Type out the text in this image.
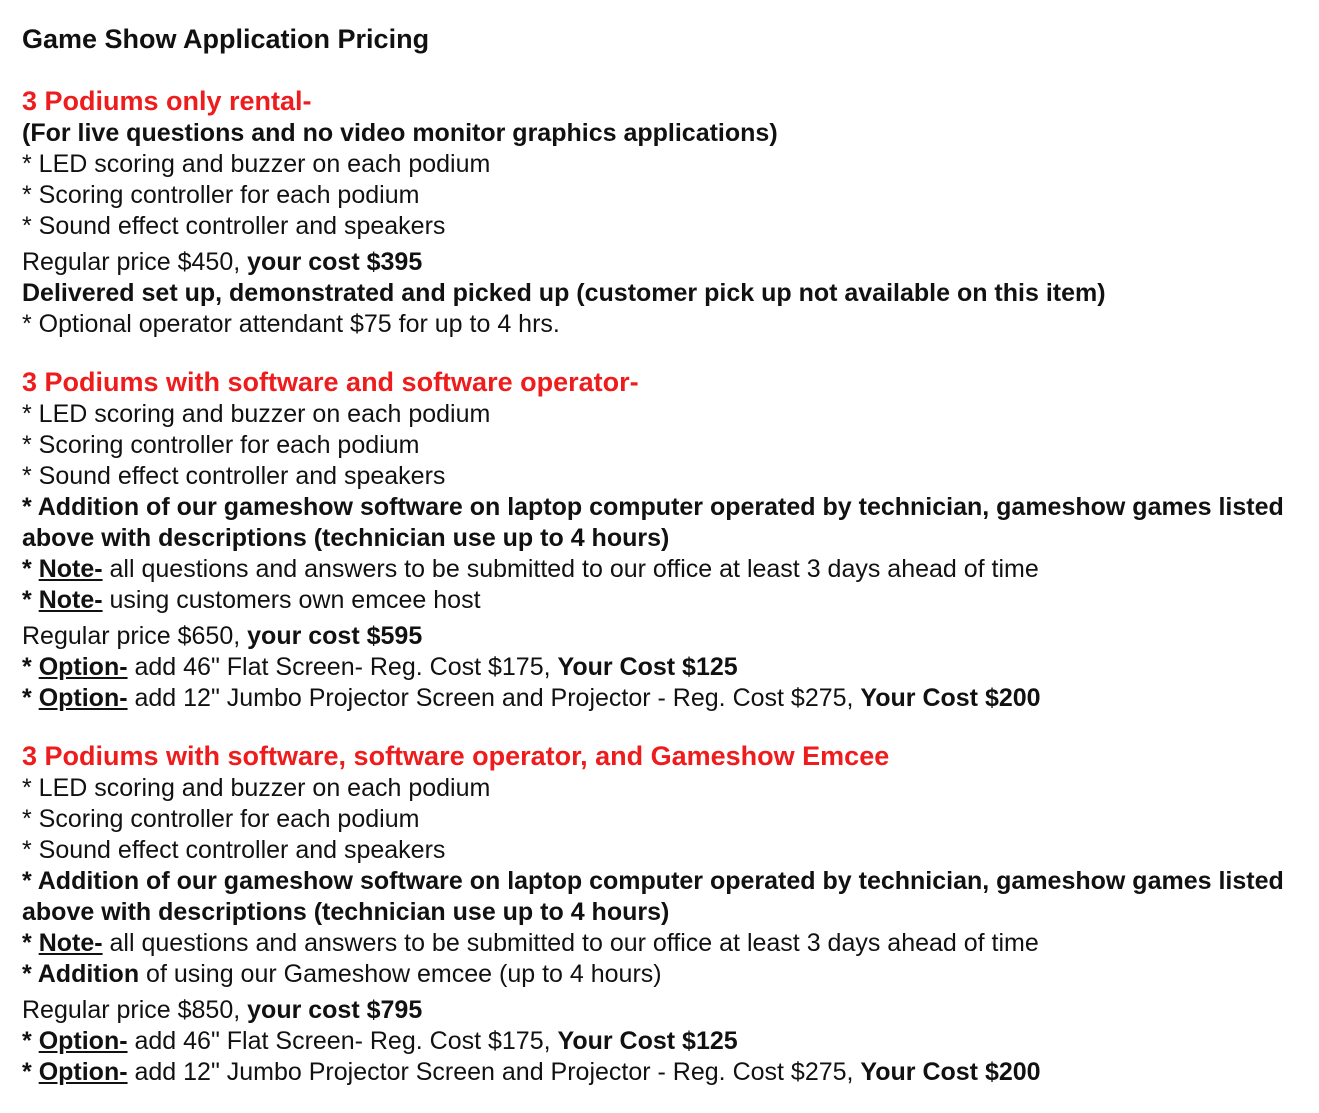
Game Show Application Pricing
3 Podiums only rental-
(For live questions and no video monitor graphics applications)
* LED scoring and buzzer on each podium
* Scoring controller for each podium
* Sound effect controller and speakers
Regular price $450, your cost $395
Delivered set up, demonstrated and picked up (customer pick up not available on this item)
* Optional operator attendant $75 for up to 4 hrs.
3 Podiums with software and software operator-
* LED scoring and buzzer on each podium
* Scoring controller for each podium
* Sound effect controller and speakers
* Addition of our gameshow software on laptop computer operated by technician, gameshow games listed above with descriptions (technician use up to 4 hours)
* Note- all questions and answers to be submitted to our office at least 3 days ahead of time
* Note- using customers own emcee host
Regular price $650, your cost $595
* Option- add 46" Flat Screen- Reg. Cost $175, Your Cost $125
* Option- add 12" Jumbo Projector Screen and Projector - Reg. Cost $275, Your Cost $200
3 Podiums with software, software operator, and Gameshow Emcee
* LED scoring and buzzer on each podium
* Scoring controller for each podium
* Sound effect controller and speakers
* Addition of our gameshow software on laptop computer operated by technician, gameshow games listed above with descriptions (technician use up to 4 hours)
* Note- all questions and answers to be submitted to our office at least 3 days ahead of time
* Addition of using our Gameshow emcee (up to 4 hours)
Regular price $850, your cost $795
* Option- add 46" Flat Screen- Reg. Cost $175, Your Cost $125
* Option- add 12" Jumbo Projector Screen and Projector - Reg. Cost $275, Your Cost $200
